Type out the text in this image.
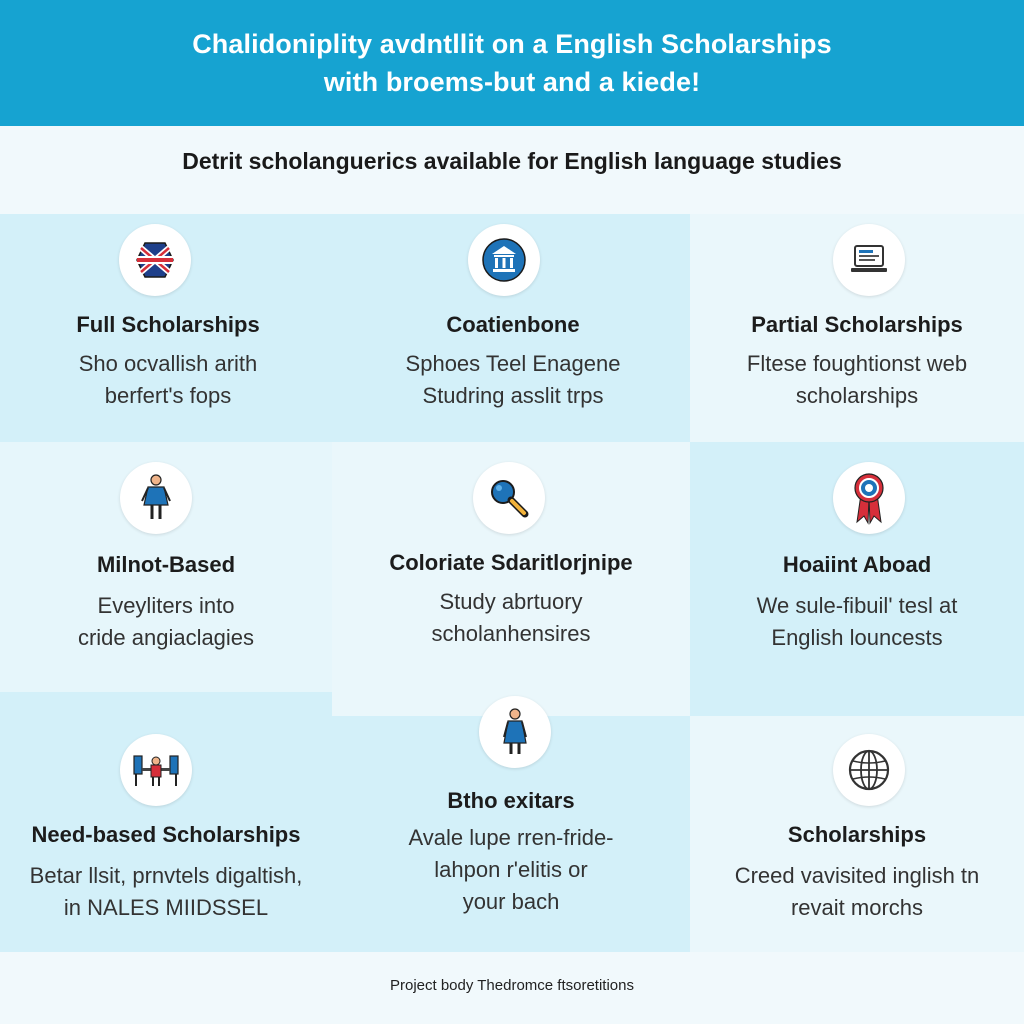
Chalidoniplity avdntllit on a English Scholarships
with broems-but and a kiede!
Detrit scholanguerics available for English language studies
Full Scholarships
Sho ocvallish arith
berfert's fops
Coatienbone
Sphoes Teel Enagene
Studring asslit trps
Partial Scholarships
Fltese foughtionst web
scholarships
Milnot-Based
Eveyliters into
cride angiaclagies
Coloriate Sdaritlorjnipe
Study abrtuory
scholanhensires
Hoaiint Aboad
We sule-fibuil' tesl at
English louncests
Need-based Scholarships
Betar llsit, prnvtels digaltish,
in NALES MIIDSSEL
Btho exitars
Avale lupe rren-fride-
lahpon r'elitis or
your bach
Scholarships
Creed vavisited inglish tn
revait morchs
Project body Thedromce ftsoretitions
